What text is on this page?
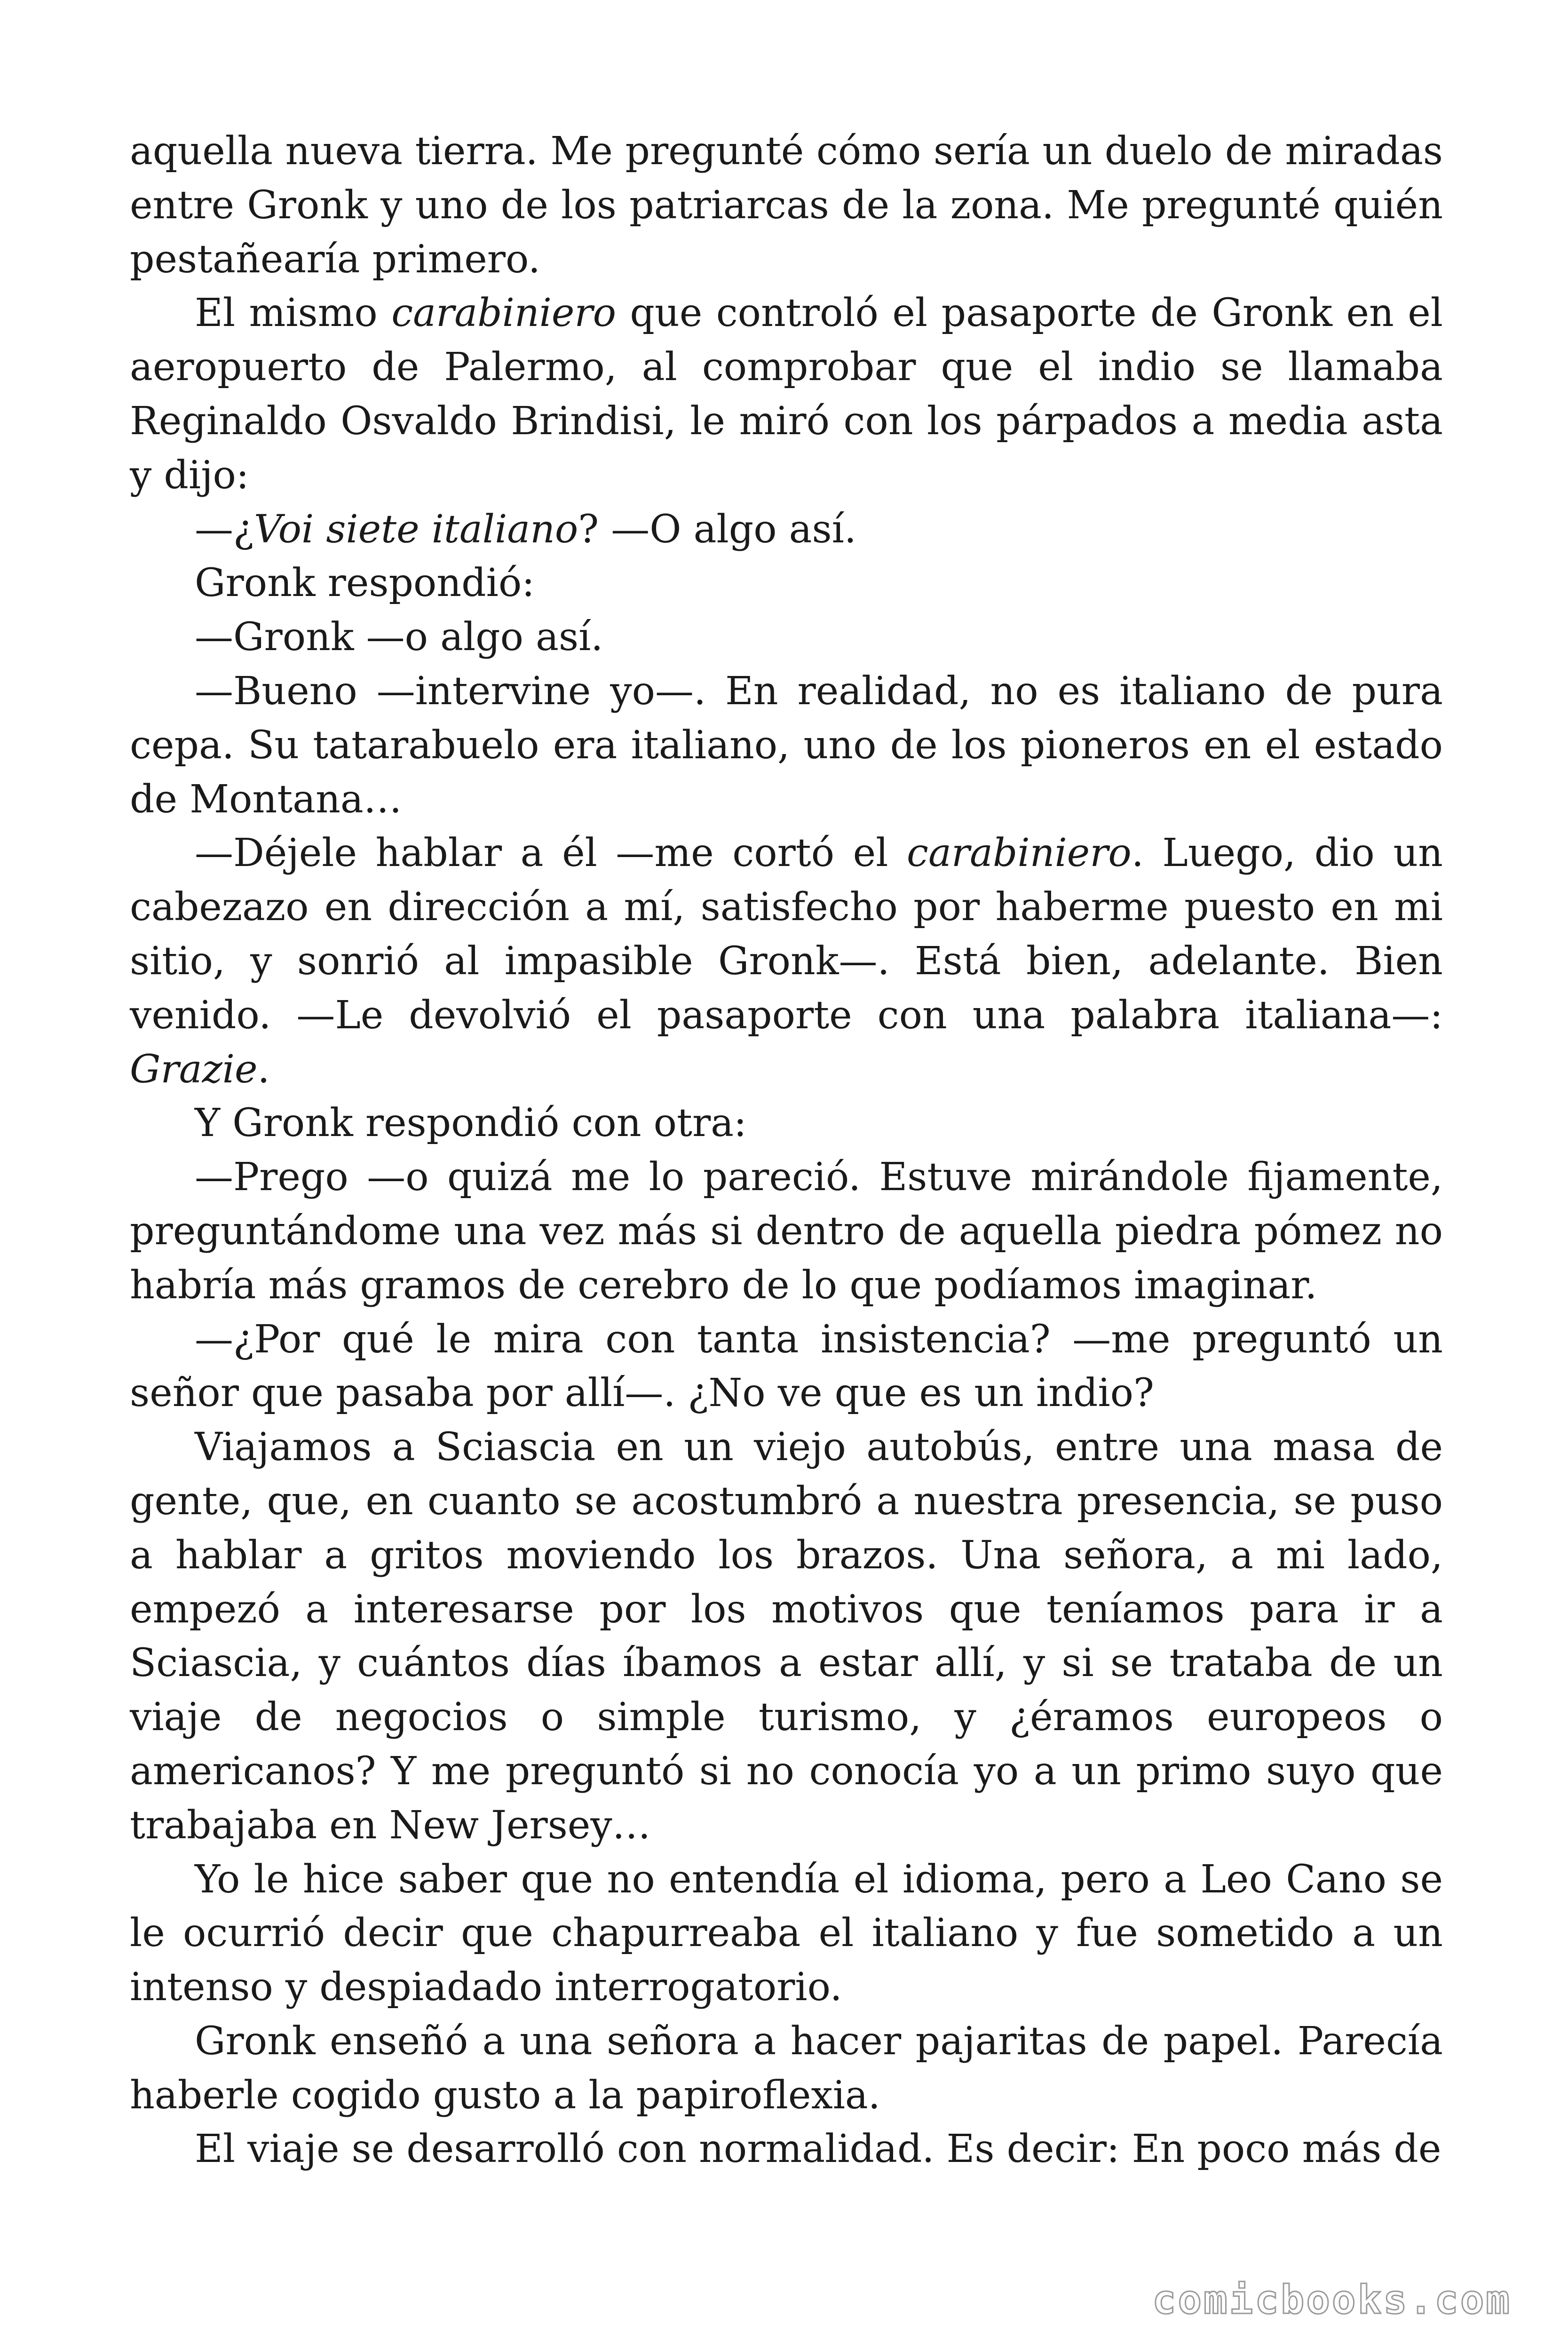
aquella nueva tierra. Me pregunté cómo sería un duelo de miradas entre Gronk y uno de los patriarcas de la zona. Me pregunté quién pestañearía primero.

El mismo carabiniero que controló el pasaporte de Gronk en el aeropuerto de Palermo, al comprobar que el indio se llamaba Reginaldo Osvaldo Brindisi, le miró con los párpados a media asta y dijo:

—¿Voi siete italiano? —O algo así.

Gronk respondió:

—Gronk —o algo así.

—Bueno —intervine yo—. En realidad, no es italiano de pura cepa. Su tatarabuelo era italiano, uno de los pioneros en el estado de Montana…

—Déjele hablar a él —me cortó el carabiniero. Luego, dio un cabezazo en dirección a mí, satisfecho por haberme puesto en mi sitio, y sonrió al impasible Gronk—. Está bien, adelante. Bien venido. —Le devolvió el pasaporte con una palabra italiana—: Grazie.

Y Gronk respondió con otra:

—Prego —o quizá me lo pareció. Estuve mirándole fijamente, preguntándome una vez más si dentro de aquella piedra pómez no habría más gramos de cerebro de lo que podíamos imaginar.

—¿Por qué le mira con tanta insistencia? —me preguntó un señor que pasaba por allí—. ¿No ve que es un indio?

Viajamos a Sciascia en un viejo autobús, entre una masa de gente, que, en cuanto se acostumbró a nuestra presencia, se puso a hablar a gritos moviendo los brazos. Una señora, a mi lado, empezó a interesarse por los motivos que teníamos para ir a Sciascia, y cuántos días íbamos a estar allí, y si se trataba de un viaje de negocios o simple turismo, y ¿éramos europeos o americanos? Y me preguntó si no conocía yo a un primo suyo que trabajaba en New Jersey…

Yo le hice saber que no entendía el idioma, pero a Leo Cano se le ocurrió decir que chapurreaba el italiano y fue sometido a un intenso y despiadado interrogatorio.

Gronk enseñó a una señora a hacer pajaritas de papel. Parecía haberle cogido gusto a la papiroflexia.

El viaje se desarrolló con normalidad. Es decir: En poco más de

comicbooks.com
